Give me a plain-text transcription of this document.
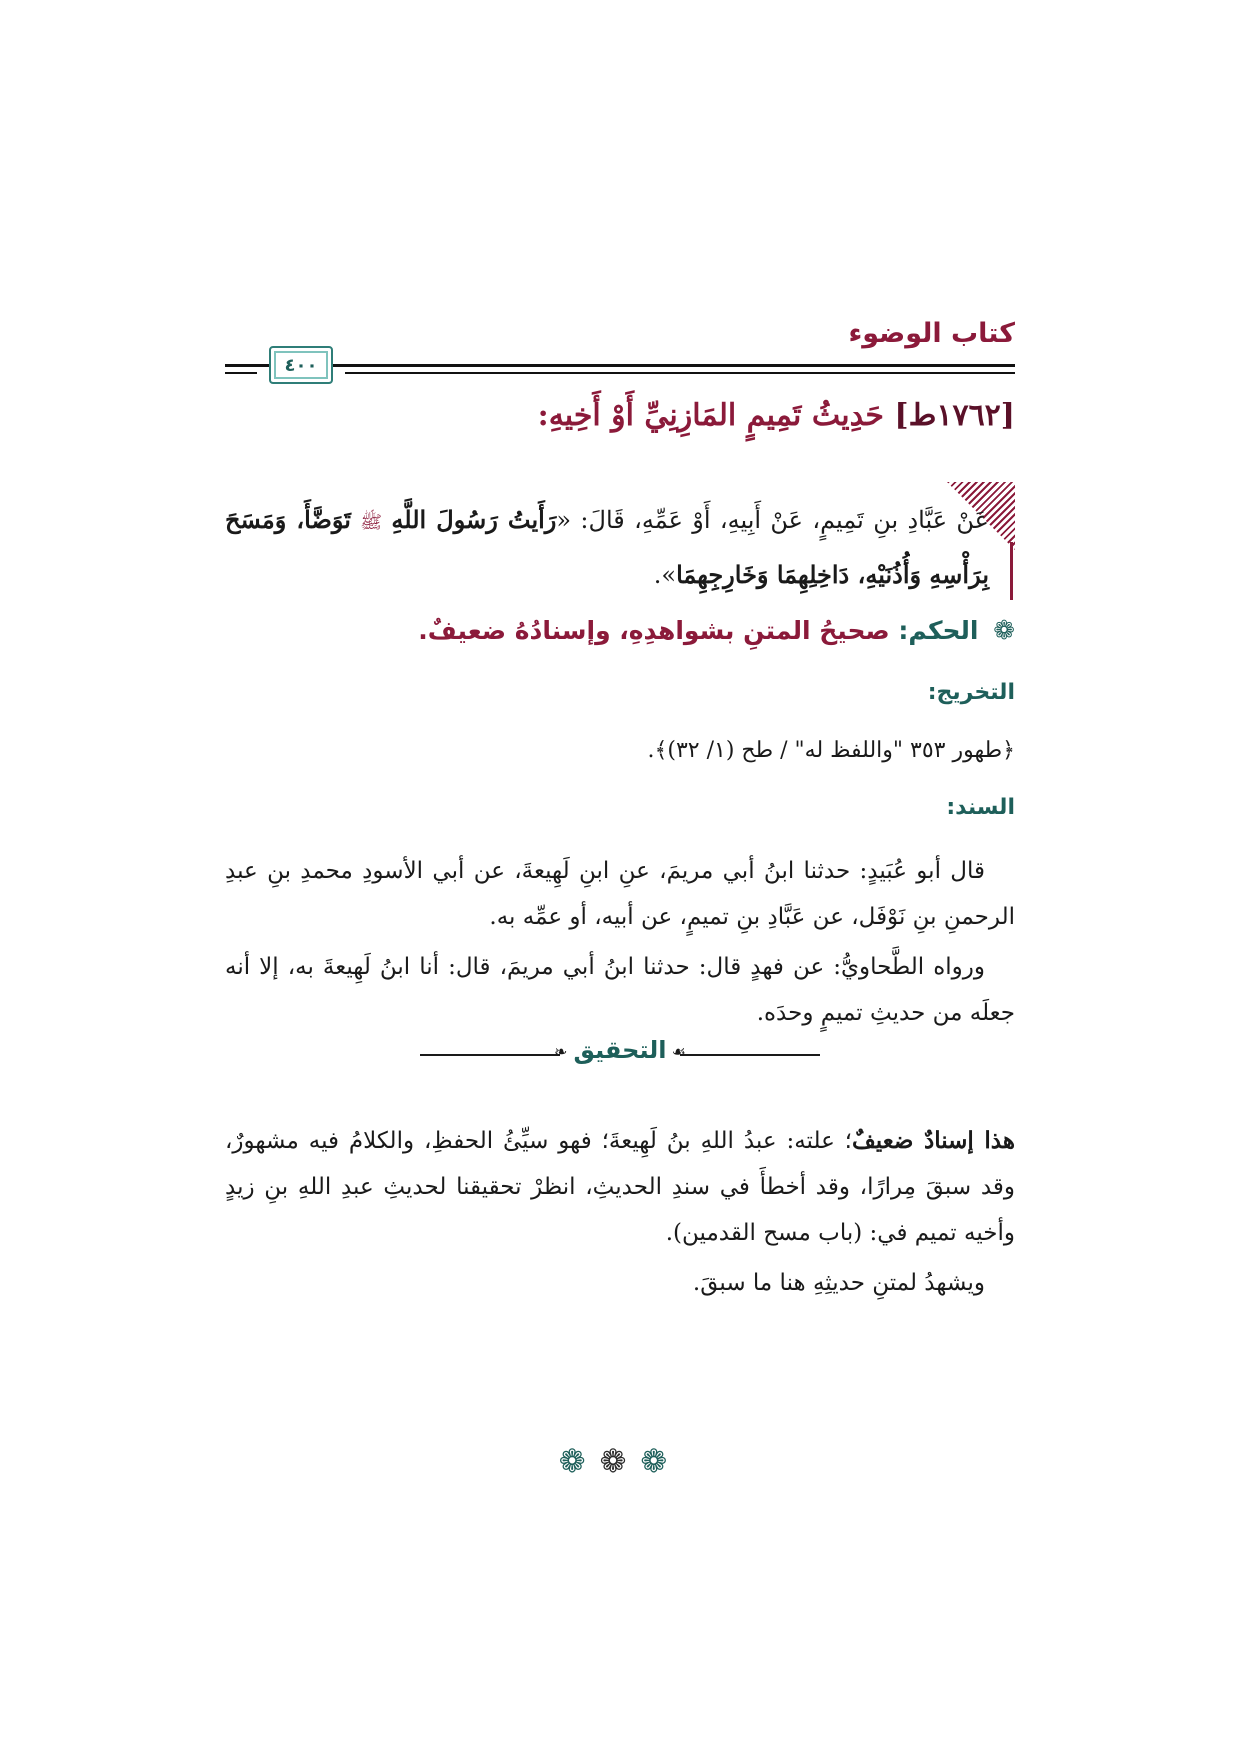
كتاب الوضوء
٤٠٠
[١٧٦٢ط] حَدِيثُ تَمِيمٍ المَازِنِيِّ أَوْ أَخِيهِ:
عَنْ عَبَّادِ بنِ تَمِيمٍ، عَنْ أَبِيهِ، أَوْ عَمِّهِ، قَالَ: «رَأَيتُ رَسُولَ اللَّهِ ﷺ تَوَضَّأَ، وَمَسَحَ بِرَأْسِهِ وَأُذُنَيْهِ، دَاخِلِهِمَا وَخَارِجِهِمَا».
❁ الحكم: صحيحُ المتنِ بشواهدِهِ، وإسنادُهُ ضعيفٌ.
التخريج:
﴿طهور ٣٥٣ "واللفظ له" / طح (١/ ٣٢)﴾.
السند:
قال أبو عُبَيدٍ: حدثنا ابنُ أبي مريمَ، عنِ ابنِ لَهِيعةَ، عن أبي الأسودِ محمدِ بنِ عبدِ الرحمنِ بنِ نَوْفَل، عن عَبَّادِ بنِ تميمٍ، عن أبيه، أو عمِّه به.
ورواه الطَّحاويُّ: عن فهدٍ قال: حدثنا ابنُ أبي مريمَ، قال: أنا ابنُ لَهِيعةَ به، إلا أنه جعلَه من حديثِ تميمٍ وحدَه.
❧	☙
التحقيق
هذا إسنادٌ ضعيفٌ؛ علته: عبدُ اللهِ بنُ لَهِيعةَ؛ فهو سيِّئُ الحفظِ، والكلامُ فيه مشهورٌ، وقد سبقَ مِرارًا، وقد أخطأَ في سندِ الحديثِ، انظرْ تحقيقنا لحديثِ عبدِ اللهِ بنِ زيدٍ وأخيه تميم في: (باب مسح القدمين).
ويشهدُ لمتنِ حديثِهِ هنا ما سبقَ.
❁❁❁
